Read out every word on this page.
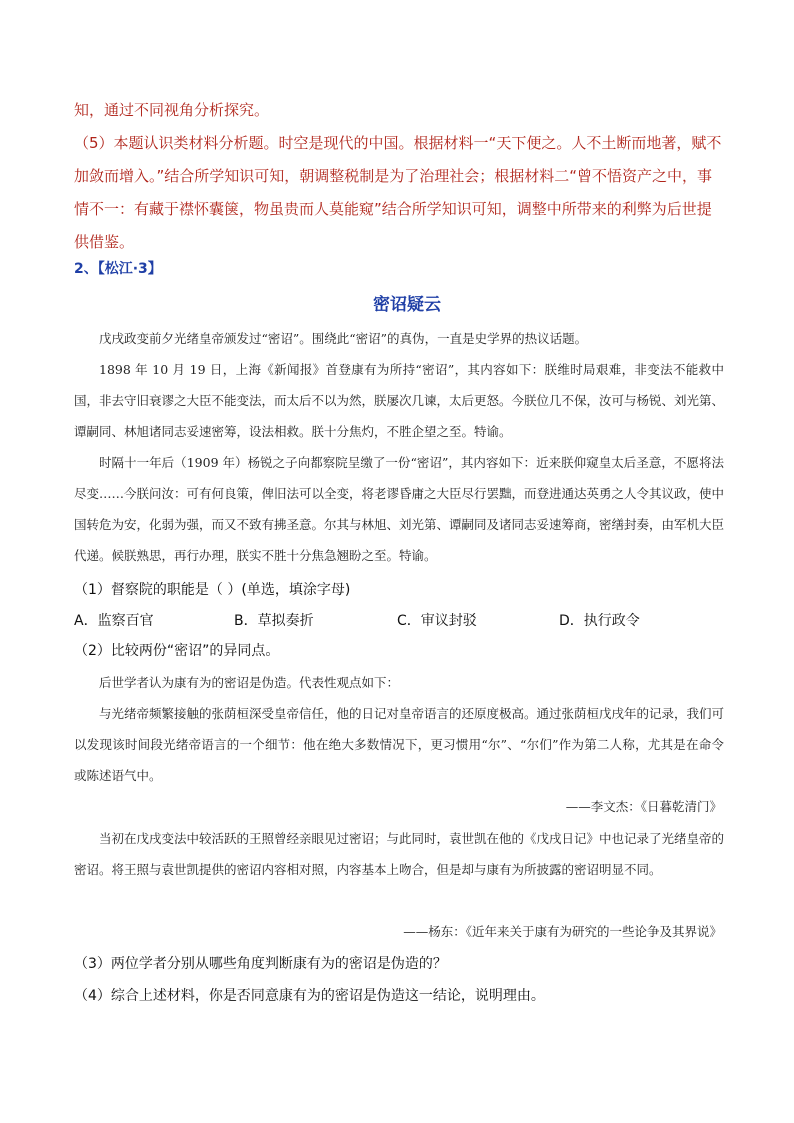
知，通过不同视角分析探究。

（5）本题认识类材料分析题。时空是现代的中国。根据材料一“天下便之。人不土断而地著，赋不加敛而增入。”结合所学知识可知，朝调整税制是为了治理社会；根据材料二“曾不悟资产之中，事情不一：有藏于襟怀囊箧，物虽贵而人莫能窥”结合所学知识可知，调整中所带来的利弊为后世提供借鉴。

2、【松江·3】
密诏疑云

戊戌政变前夕光绪皇帝颁发过“密诏”。围绕此“密诏”的真伪，一直是史学界的热议话题。

1898 年 10 月 19 日，上海《新闻报》首登康有为所持“密诏”，其内容如下：朕维时局艰难，非变法不能救中国，非去守旧衰谬之大臣不能变法，而太后不以为然，朕屡次几谏，太后更怒。今朕位几不保，汝可与杨锐、刘光第、谭嗣同、林旭诸同志妥速密筹，设法相救。朕十分焦灼，不胜企望之至。特谕。

时隔十一年后（1909 年）杨锐之子向都察院呈缴了一份“密诏”，其内容如下：近来朕仰窥皇太后圣意，不愿将法尽变……今朕问汝：可有何良策，俾旧法可以全变，将老谬昏庸之大臣尽行罢黜，而登进通达英勇之人令其议政，使中国转危为安，化弱为强，而又不致有拂圣意。尔其与林旭、刘光第、谭嗣同及诸同志妥速筹商，密缮封奏，由军机大臣代递。候朕熟思，再行办理，朕实不胜十分焦急翘盼之至。特谕。

（1）督察院的职能是（ ）(单选，填涂字母)
A．监察百官	B．草拟奏折	C．审议封驳	D．执行政令
（2）比较两份“密诏”的异同点。

后世学者认为康有为的密诏是伪造。代表性观点如下：

与光绪帝频繁接触的张荫桓深受皇帝信任，他的日记对皇帝语言的还原度极高。通过张荫桓戊戌年的记录，我们可以发现该时间段光绪帝语言的一个细节：他在绝大多数情况下，更习惯用“尔”、“尔们”作为第二人称，尤其是在命令或陈述语气中。

——李文杰：《日暮乾清门》

当初在戊戌变法中较活跃的王照曾经亲眼见过密诏；与此同时，袁世凯在他的《戊戌日记》中也记录了光绪皇帝的密诏。将王照与袁世凯提供的密诏内容相对照，内容基本上吻合，但是却与康有为所披露的密诏明显不同。

——杨东：《近年来关于康有为研究的一些论争及其界说》
（3）两位学者分别从哪些角度判断康有为的密诏是伪造的？
（4）综合上述材料，你是否同意康有为的密诏是伪造这一结论，说明理由。
